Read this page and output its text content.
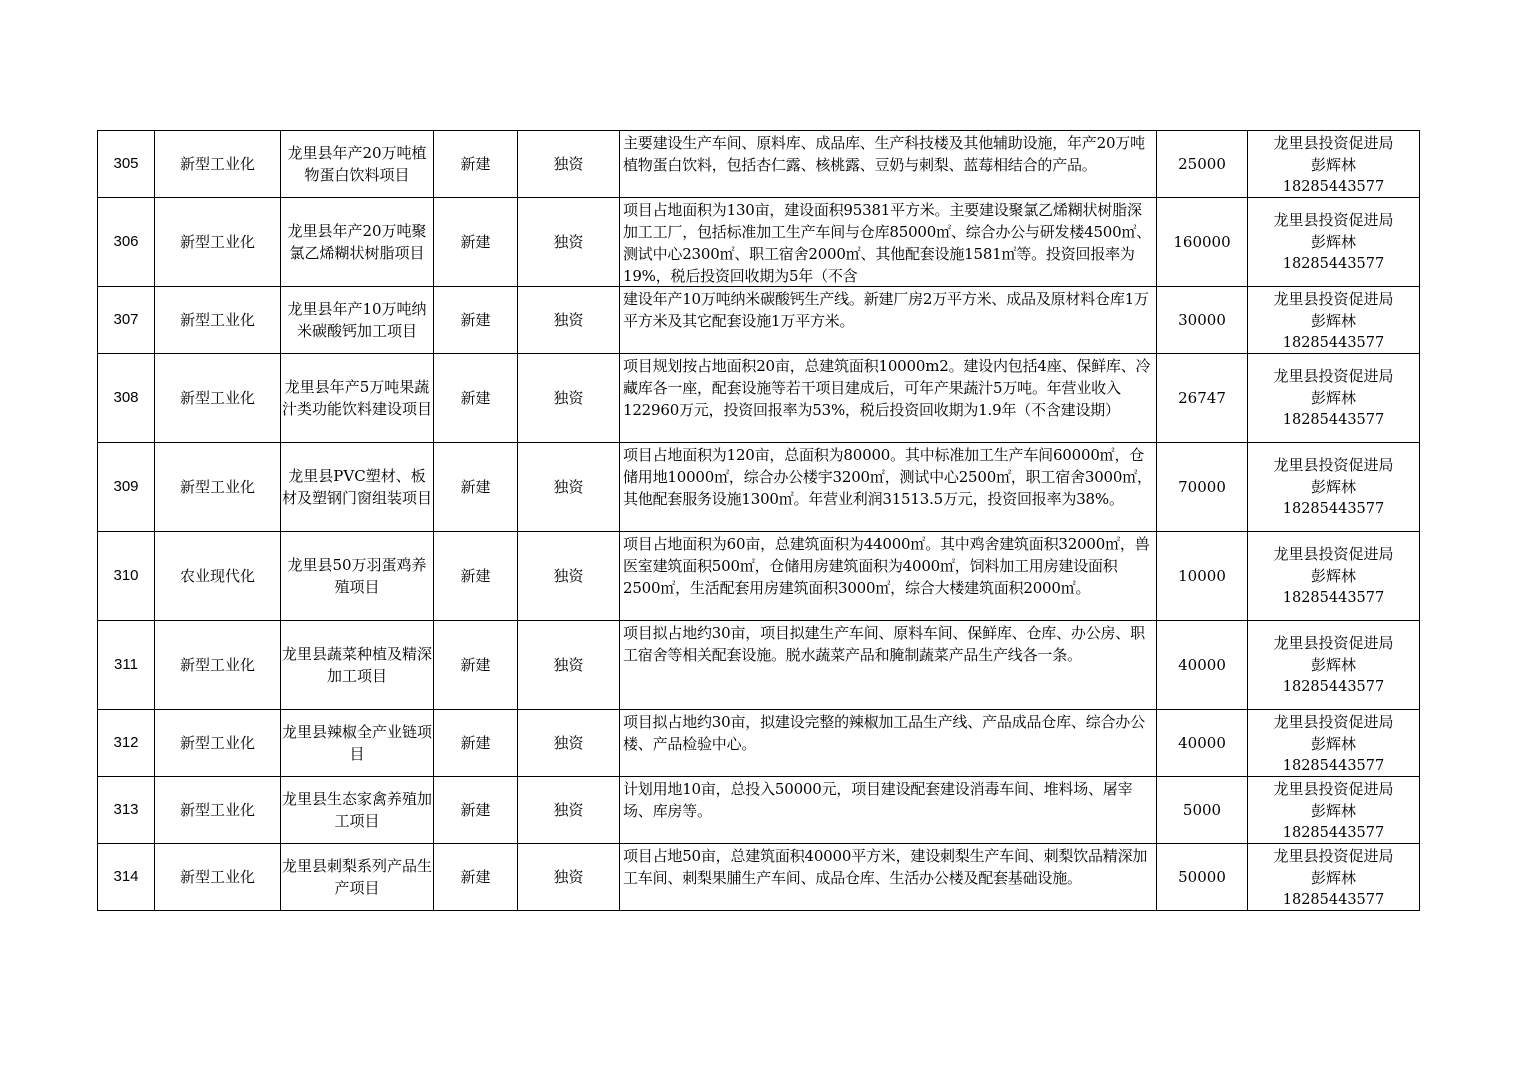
305	新型工业化	龙里县年产20万吨植物蛋白饮料项目	新建	独资	主要建设生产车间、原料库、成品库、生产科技楼及其他辅助设施，年产20万吨植物蛋白饮料，包括杏仁露、核桃露、豆奶与刺梨、蓝莓相结合的产品。	25000	龙里县投资促进局
彭辉林
18285443577

306	新型工业化	龙里县年产20万吨聚氯乙烯糊状树脂项目	新建	独资	项目占地面积为130亩，建设面积95381平方米。主要建设聚氯乙烯糊状树脂深加工工厂，包括标准加工生产车间与仓库85000㎡、综合办公与研发楼4500㎡、测试中心2300㎡、职工宿舍2000㎡、其他配套设施1581㎡等。投资回报率为19%，税后投资回收期为5年（不含	160000	龙里县投资促进局
彭辉林
18285443577

307	新型工业化	龙里县年产10万吨纳米碳酸钙加工项目	新建	独资	建设年产10万吨纳米碳酸钙生产线。新建厂房2万平方米、成品及原材料仓库1万平方米及其它配套设施1万平方米。	30000	龙里县投资促进局
彭辉林
18285443577

308	新型工业化	龙里县年产5万吨果蔬汁类功能饮料建设项目	新建	独资	项目规划按占地面积20亩，总建筑面积10000m2。建设内包括4座、保鲜库、冷藏库各一座，配套设施等若干项目建成后，可年产果蔬汁5万吨。年营业收入122960万元，投资回报率为53%，税后投资回收期为1.9年（不含建设期）	26747	龙里县投资促进局
彭辉林
18285443577

309	新型工业化	龙里县PVC塑材、板材及塑钢门窗组装项目	新建	独资	项目占地面积为120亩，总面积为80000。其中标准加工生产车间60000㎡，仓储用地10000㎡，综合办公楼宇3200㎡，测试中心2500㎡，职工宿舍3000㎡，其他配套服务设施1300㎡。年营业利润31513.5万元，投资回报率为38%。	70000	龙里县投资促进局
彭辉林
18285443577

310	农业现代化	龙里县50万羽蛋鸡养殖项目	新建	独资	项目占地面积为60亩，总建筑面积为44000㎡。其中鸡舍建筑面积32000㎡，兽医室建筑面积500㎡，仓储用房建筑面积为4000㎡，饲料加工用房建设面积2500㎡，生活配套用房建筑面积3000㎡，综合大楼建筑面积2000㎡。	10000	龙里县投资促进局
彭辉林
18285443577

311	新型工业化	龙里县蔬菜种植及精深加工项目	新建	独资	项目拟占地约30亩，项目拟建生产车间、原料车间、保鲜库、仓库、办公房、职工宿舍等相关配套设施。脱水蔬菜产品和腌制蔬菜产品生产线各一条。	40000	龙里县投资促进局
彭辉林
18285443577

312	新型工业化	龙里县辣椒全产业链项目	新建	独资	项目拟占地约30亩，拟建设完整的辣椒加工品生产线、产品成品仓库、综合办公楼、产品检验中心。	40000	龙里县投资促进局
彭辉林
18285443577

313	新型工业化	龙里县生态家禽养殖加工项目	新建	独资	计划用地10亩，总投入50000元，项目建设配套建设消毒车间、堆料场、屠宰场、库房等。	5000	龙里县投资促进局
彭辉林
18285443577

314	新型工业化	龙里县刺梨系列产品生产项目	新建	独资	项目占地50亩，总建筑面积40000平方米，建设刺梨生产车间、刺梨饮品精深加工车间、刺梨果脯生产车间、成品仓库、生活办公楼及配套基础设施。	50000	龙里县投资促进局
彭辉林
18285443577
